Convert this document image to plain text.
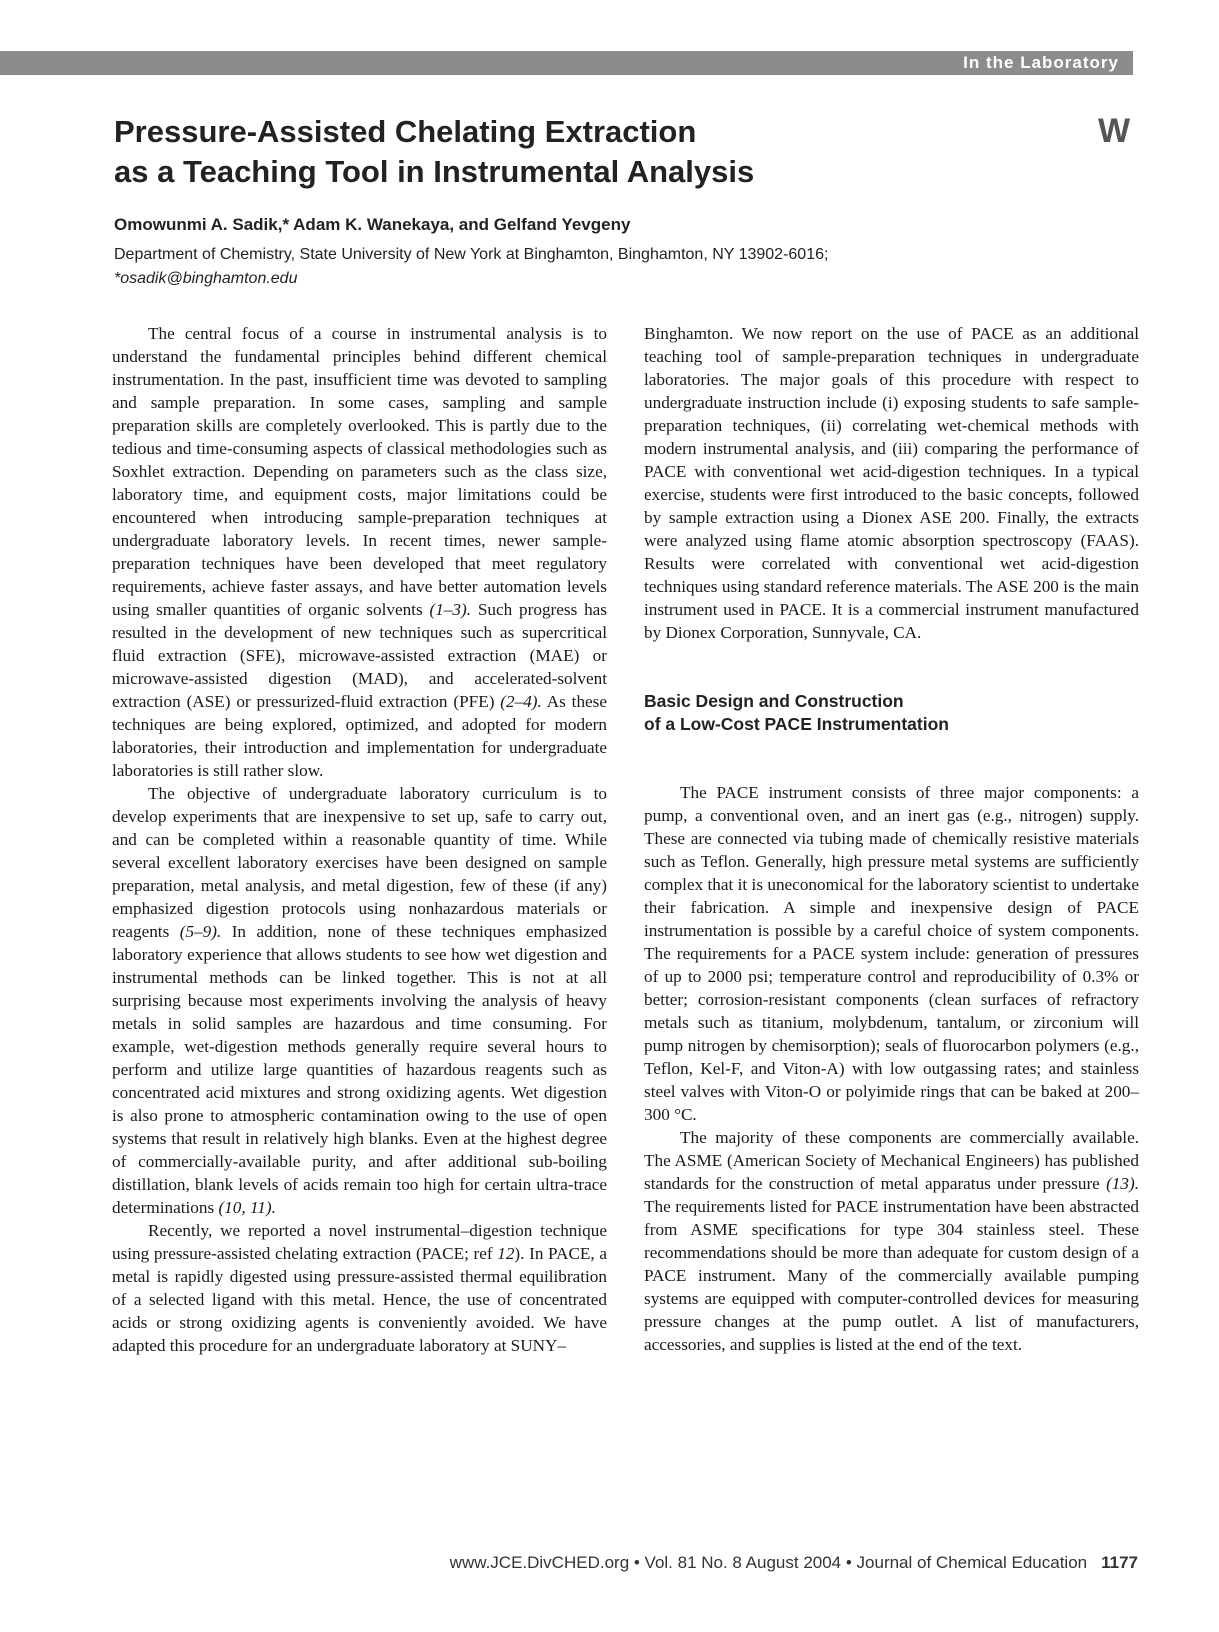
In the Laboratory
W
Pressure-Assisted Chelating Extraction
as a Teaching Tool in Instrumental Analysis
Omowunmi A. Sadik,* Adam K. Wanekaya, and Gelfand Yevgeny
Department of Chemistry, State University of New York at Binghamton, Binghamton, NY 13902-6016;
*osadik@binghamton.edu

The central focus of a course in instrumental analysis is to understand the fundamental principles behind different chemical instrumentation. In the past, insufficient time was devoted to sampling and sample preparation. In some cases, sampling and sample preparation skills are completely overlooked. This is partly due to the tedious and time-consuming aspects of classical methodologies such as Soxhlet extraction. Depending on parameters such as the class size, laboratory time, and equipment costs, major limitations could be encountered when introducing sample-preparation techniques at undergraduate laboratory levels. In recent times, newer sample-preparation techniques have been developed that meet regulatory requirements, achieve faster assays, and have better automation levels using smaller quantities of organic solvents (1–3). Such progress has resulted in the development of new techniques such as supercritical fluid extraction (SFE), microwave-assisted extraction (MAE) or microwave-assisted digestion (MAD), and accelerated-solvent extraction (ASE) or pressurized-fluid extraction (PFE) (2–4). As these techniques are being explored, optimized, and adopted for modern laboratories, their introduction and implementation for undergraduate laboratories is still rather slow.

The objective of undergraduate laboratory curriculum is to develop experiments that are inexpensive to set up, safe to carry out, and can be completed within a reasonable quantity of time. While several excellent laboratory exercises have been designed on sample preparation, metal analysis, and metal digestion, few of these (if any) emphasized digestion protocols using nonhazardous materials or reagents (5–9). In addition, none of these techniques emphasized laboratory experience that allows students to see how wet digestion and instrumental methods can be linked together. This is not at all surprising because most experiments involving the analysis of heavy metals in solid samples are hazardous and time consuming. For example, wet-digestion methods generally require several hours to perform and utilize large quantities of hazardous reagents such as concentrated acid mixtures and strong oxidizing agents. Wet digestion is also prone to atmospheric contamination owing to the use of open systems that result in relatively high blanks. Even at the highest degree of commercially-available purity, and after additional sub-boiling distillation, blank levels of acids remain too high for certain ultra-trace determinations (10, 11).

Recently, we reported a novel instrumental–digestion technique using pressure-assisted chelating extraction (PACE; ref 12). In PACE, a metal is rapidly digested using pressure-assisted thermal equilibration of a selected ligand with this metal. Hence, the use of concentrated acids or strong oxidizing agents is conveniently avoided. We have adapted this procedure for an undergraduate laboratory at SUNY–

Binghamton. We now report on the use of PACE as an additional teaching tool of sample-preparation techniques in undergraduate laboratories. The major goals of this procedure with respect to undergraduate instruction include (i) exposing students to safe sample-preparation techniques, (ii) correlating wet-chemical methods with modern instrumental analysis, and (iii) comparing the performance of PACE with conventional wet acid-digestion techniques. In a typical exercise, students were first introduced to the basic concepts, followed by sample extraction using a Dionex ASE 200. Finally, the extracts were analyzed using flame atomic absorption spectroscopy (FAAS). Results were correlated with conventional wet acid-digestion techniques using standard reference materials. The ASE 200 is the main instrument used in PACE. It is a commercial instrument manufactured by Dionex Corporation, Sunnyvale, CA.

Basic Design and Construction
of a Low-Cost PACE Instrumentation

The PACE instrument consists of three major components: a pump, a conventional oven, and an inert gas (e.g., nitrogen) supply. These are connected via tubing made of chemically resistive materials such as Teflon. Generally, high pressure metal systems are sufficiently complex that it is uneconomical for the laboratory scientist to undertake their fabrication. A simple and inexpensive design of PACE instrumentation is possible by a careful choice of system components. The requirements for a PACE system include: generation of pressures of up to 2000 psi; temperature control and reproducibility of 0.3% or better; corrosion-resistant components (clean surfaces of refractory metals such as titanium, molybdenum, tantalum, or zirconium will pump nitrogen by chemisorption); seals of fluorocarbon polymers (e.g., Teflon, Kel-F, and Viton-A) with low outgassing rates; and stainless steel valves with Viton-O or polyimide rings that can be baked at 200–300 °C.

The majority of these components are commercially available. The ASME (American Society of Mechanical Engineers) has published standards for the construction of metal apparatus under pressure (13). The requirements listed for PACE instrumentation have been abstracted from ASME specifications for type 304 stainless steel. These recommendations should be more than adequate for custom design of a PACE instrument. Many of the commercially available pumping systems are equipped with computer-controlled devices for measuring pressure changes at the pump outlet. A list of manufacturers, accessories, and supplies is listed at the end of the text.

www.JCE.DivCHED.org • Vol. 81 No. 8 August 2004 • Journal of Chemical Education 1177
